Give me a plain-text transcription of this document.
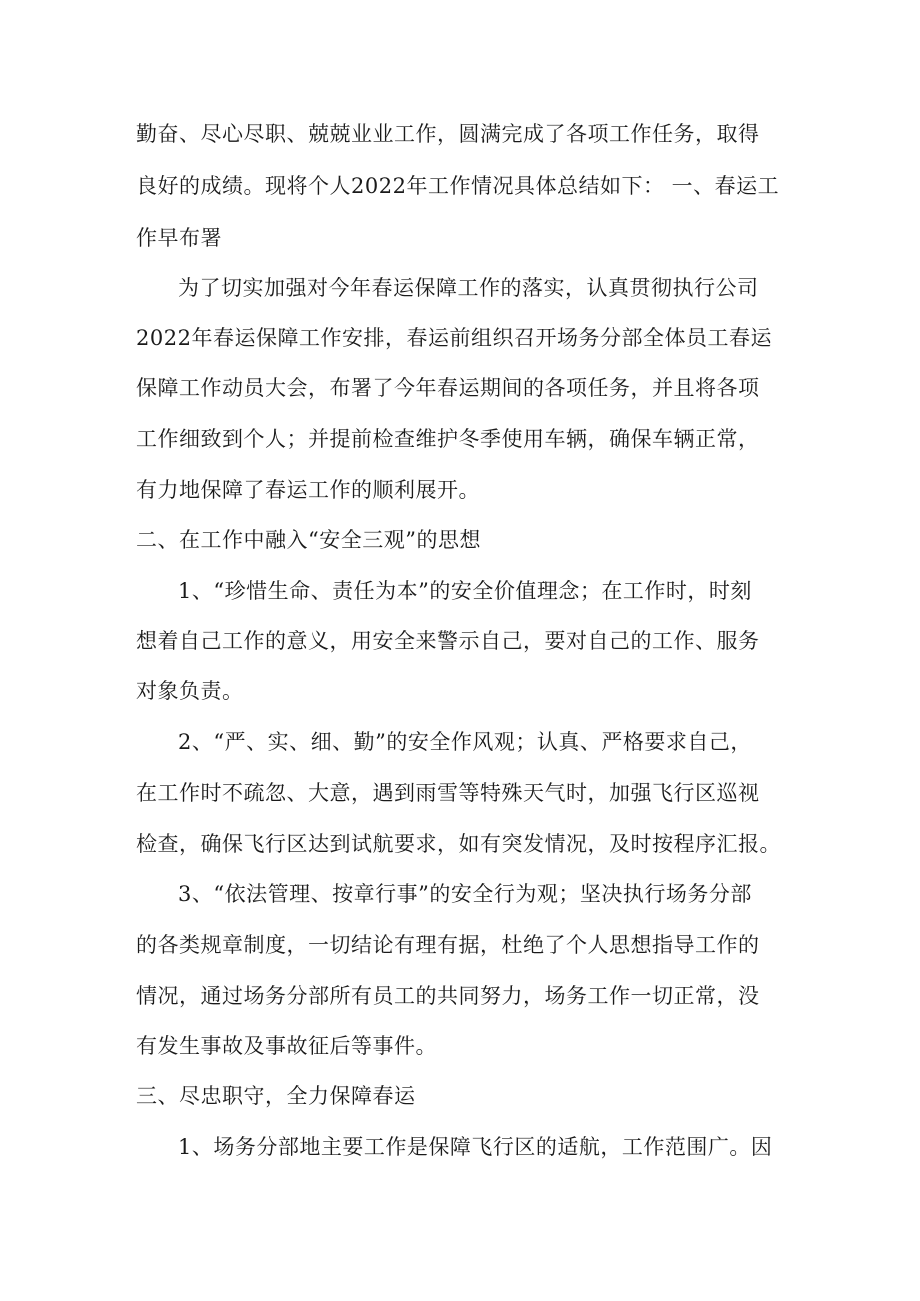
勤奋、尽心尽职、兢兢业业工作，圆满完成了各项工作任务，取得
良好的成绩。现将个人2022年工作情况具体总结如下： 一、春运工
作早布署
为了切实加强对今年春运保障工作的落实，认真贯彻执行公司
2022年春运保障工作安排，春运前组织召开场务分部全体员工春运
保障工作动员大会，布署了今年春运期间的各项任务，并且将各项
工作细致到个人；并提前检查维护冬季使用车辆，确保车辆正常，
有力地保障了春运工作的顺利展开。
二、在工作中融入“安全三观”的思想
1、“珍惜生命、责任为本”的安全价值理念；在工作时，时刻
想着自己工作的意义，用安全来警示自己，要对自己的工作、服务
对象负责。
2、“严、实、细、勤”的安全作风观；认真、严格要求自己，
在工作时不疏忽、大意，遇到雨雪等特殊天气时，加强飞行区巡视
检查，确保飞行区达到试航要求，如有突发情况，及时按程序汇报。
3、“依法管理、按章行事”的安全行为观；坚决执行场务分部
的各类规章制度，一切结论有理有据，杜绝了个人思想指导工作的
情况，通过场务分部所有员工的共同努力，场务工作一切正常，没
有发生事故及事故征后等事件。
三、尽忠职守，全力保障春运
1、场务分部地主要工作是保障飞行区的适航，工作范围广。因
